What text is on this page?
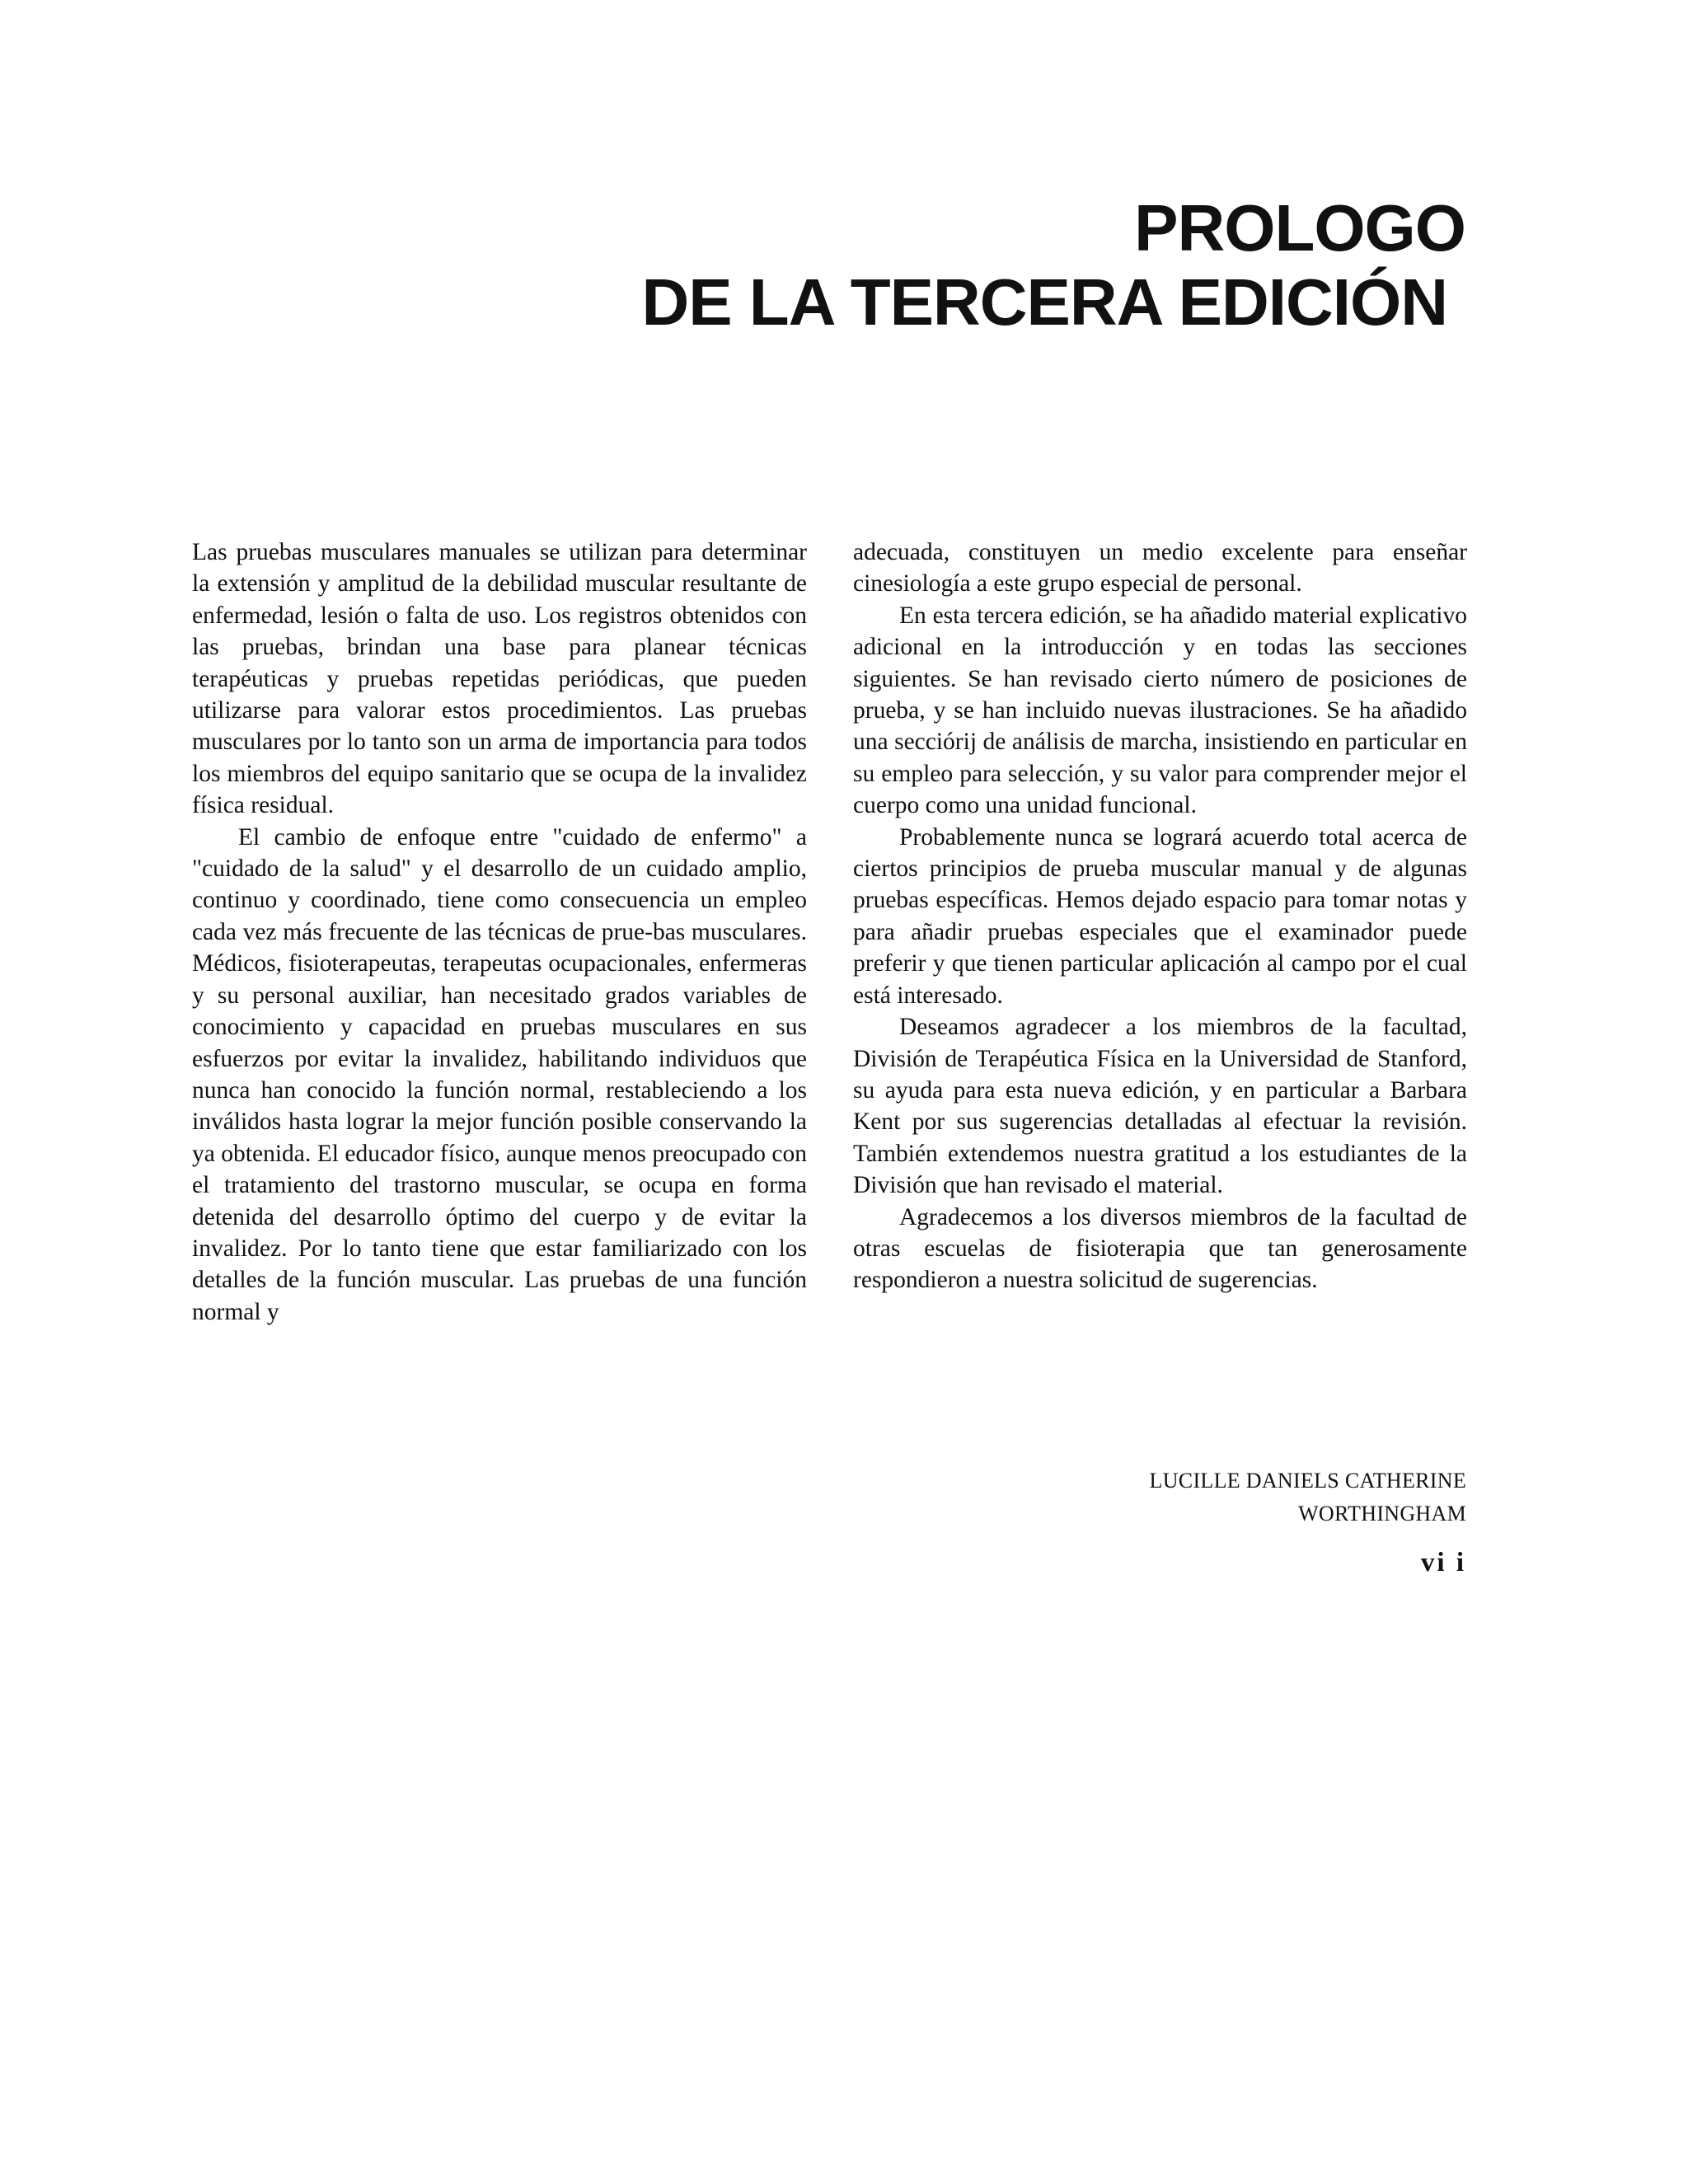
PROLOGO
DE LA TERCERA EDICIÓN

Las pruebas musculares manuales se utilizan para determinar la extensión y amplitud de la debilidad muscular resultante de enfermedad, lesión o falta de uso. Los registros obtenidos con las pruebas, brindan una base para planear técnicas terapéuticas y pruebas repetidas periódicas, que pueden utilizarse para valorar estos procedimientos. Las pruebas musculares por lo tanto son un arma de importancia para todos los miembros del equipo sanitario que se ocupa de la invalidez física residual.

El cambio de enfoque entre "cuidado de enfermo" a "cuidado de la salud" y el desarrollo de un cuidado amplio, continuo y coordinado, tiene como consecuencia un empleo cada vez más frecuente de las técnicas de prue-bas musculares. Médicos, fisioterapeutas, terapeutas ocupacionales, enfermeras y su personal auxiliar, han necesitado grados variables de conocimiento y capacidad en pruebas musculares en sus esfuerzos por evitar la invalidez, habilitando individuos que nunca han conocido la función normal, restableciendo a los inválidos hasta lograr la mejor función posible conservando la ya obtenida. El educador físico, aunque menos preocupado con el tratamiento del trastorno muscular, se ocupa en forma detenida del desarrollo óptimo del cuerpo y de evitar la invalidez. Por lo tanto tiene que estar familiarizado con los detalles de la función muscular. Las pruebas de una función normal y

adecuada, constituyen un medio excelente para enseñar cinesiología a este grupo especial de personal.

En esta tercera edición, se ha añadido material explicativo adicional en la introducción y en todas las secciones siguientes. Se han revisado cierto número de posiciones de prueba, y se han incluido nuevas ilustraciones. Se ha añadido una secciórij de análisis de marcha, insistiendo en particular en su empleo para selección, y su valor para comprender mejor el cuerpo como una unidad funcional.

Probablemente nunca se logrará acuerdo total acerca de ciertos principios de prueba muscular manual y de algunas pruebas específicas. Hemos dejado espacio para tomar notas y para añadir pruebas especiales que el examinador puede preferir y que tienen particular aplicación al campo por el cual está interesado.

Deseamos agradecer a los miembros de la facultad, División de Terapéutica Física en la Universidad de Stanford, su ayuda para esta nueva edición, y en particular a Barbara Kent por sus sugerencias detalladas al efectuar la revisión. También extendemos nuestra gratitud a los estudiantes de la División que han revisado el material.

Agradecemos a los diversos miembros de la facultad de otras escuelas de fisioterapia que tan generosamente respondieron a nuestra solicitud de sugerencias.

LUCILLE DANIELS CATHERINE
WORTHINGHAM
vi i
